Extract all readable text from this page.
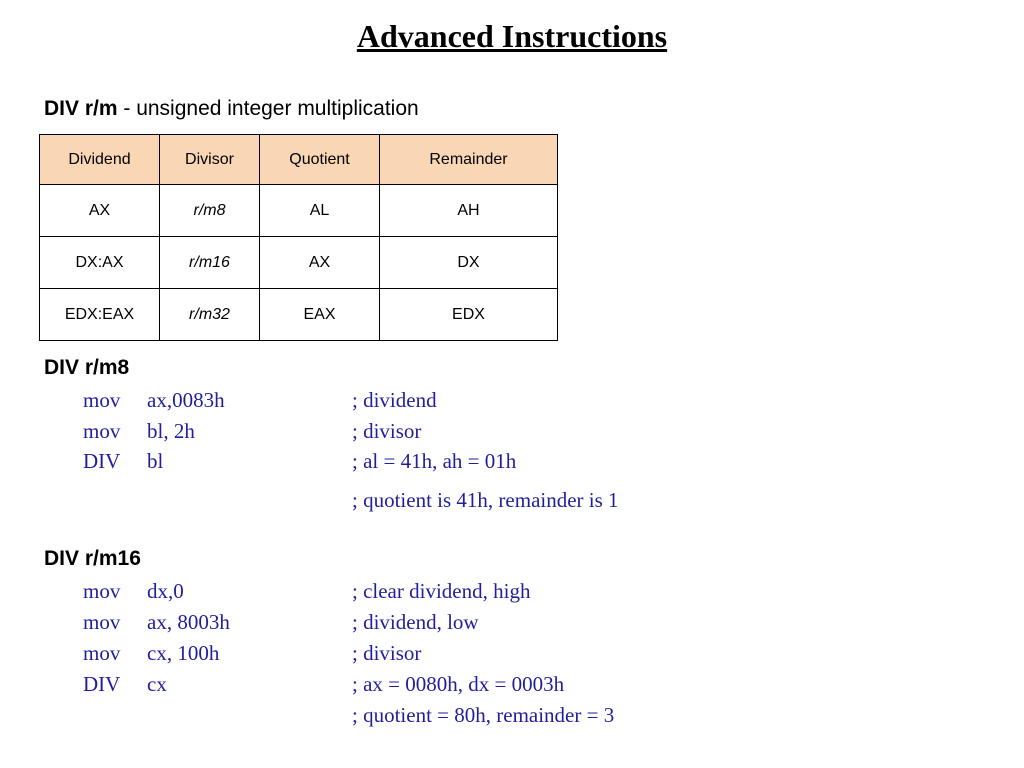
Advanced Instructions
DIV r/m - unsigned integer multiplication
Dividend	Divisor	Quotient	Remainder
AX	r/m8	AL	AH
DX:AX	r/m16	AX	DX
EDX:EAX	r/m32	EAX	EDX
DIV r/m8
mov ax,0083h	; dividend
mov bl, 2h	; divisor
DIV bl	; al = 41h, ah = 01h
; quotient is 41h, remainder is 1
DIV r/m16
mov dx,0	; clear dividend, high
mov ax, 8003h	; dividend, low
mov cx, 100h	; divisor
DIV cx	; ax = 0080h, dx = 0003h
; quotient = 80h, remainder = 3
